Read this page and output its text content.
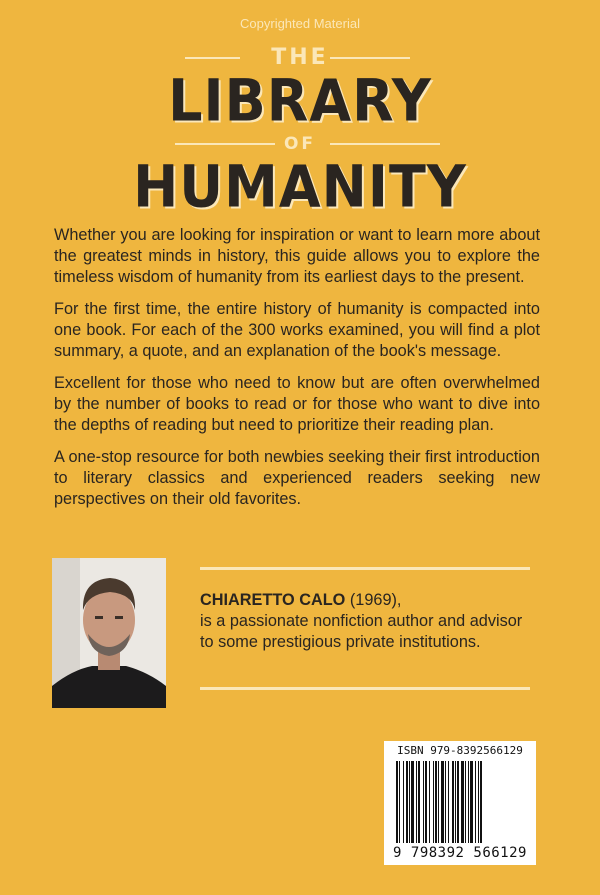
Copyrighted Material
THE
LIBRARY
OF
HUMANITY

Whether you are looking for inspiration or want to learn more about the greatest minds in history, this guide allows you to explore the timeless wisdom of humanity from its earliest days to the present.

For the first time, the entire history of humanity is compacted into one book. For each of the 300 works examined, you will find a plot summary, a quote, and an explanation of the book's message.

Excellent for those who need to know but are often overwhelmed by the number of books to read or for those who want to dive into the depths of reading but need to prioritize their reading plan.

A one-stop resource for both newbies seeking their first introduction to literary classics and experienced readers seeking new perspectives on their old favorites.

CHIARETTO CALO (1969),
is a passionate nonfiction author and advisor to some prestigious private institutions.
ISBN 979-8392566129
9 798392 566129
